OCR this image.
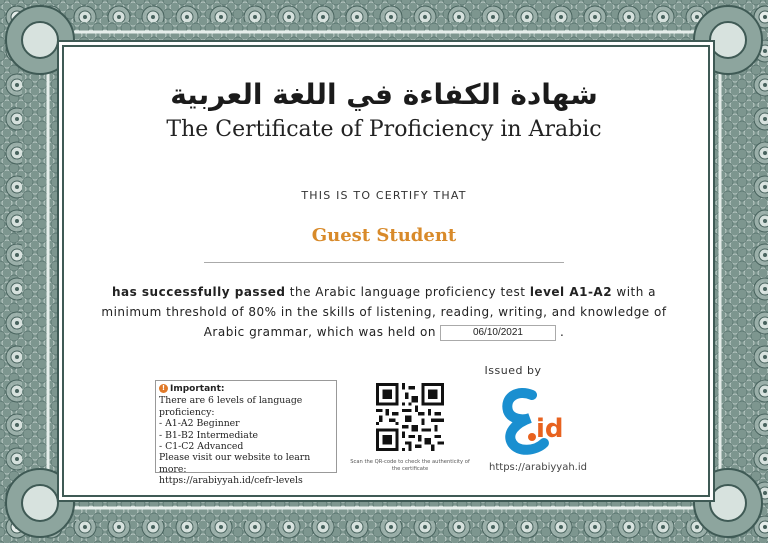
شهادة الكفاءة في اللغة العربية
The Certificate of Proficiency in Arabic
THIS IS TO CERTIFY THAT
Guest Student
has successfully passed the Arabic language proficiency test level A1-A2 with a minimum threshold of 80% in the skills of listening, reading, writing, and knowledge of Arabic grammar, which was held on	06/10/2021	.
! Important:
There are 6 levels of language proficiency:
- A1-A2 Beginner
- B1-B2 Intermediate
- C1-C2 Advanced
Please visit our website to learn more:
https://arabiyyah.id/cefr-levels
Scan the QR-code to check the authenticity of the certificate
Issued by
id
https://arabiyyah.id
